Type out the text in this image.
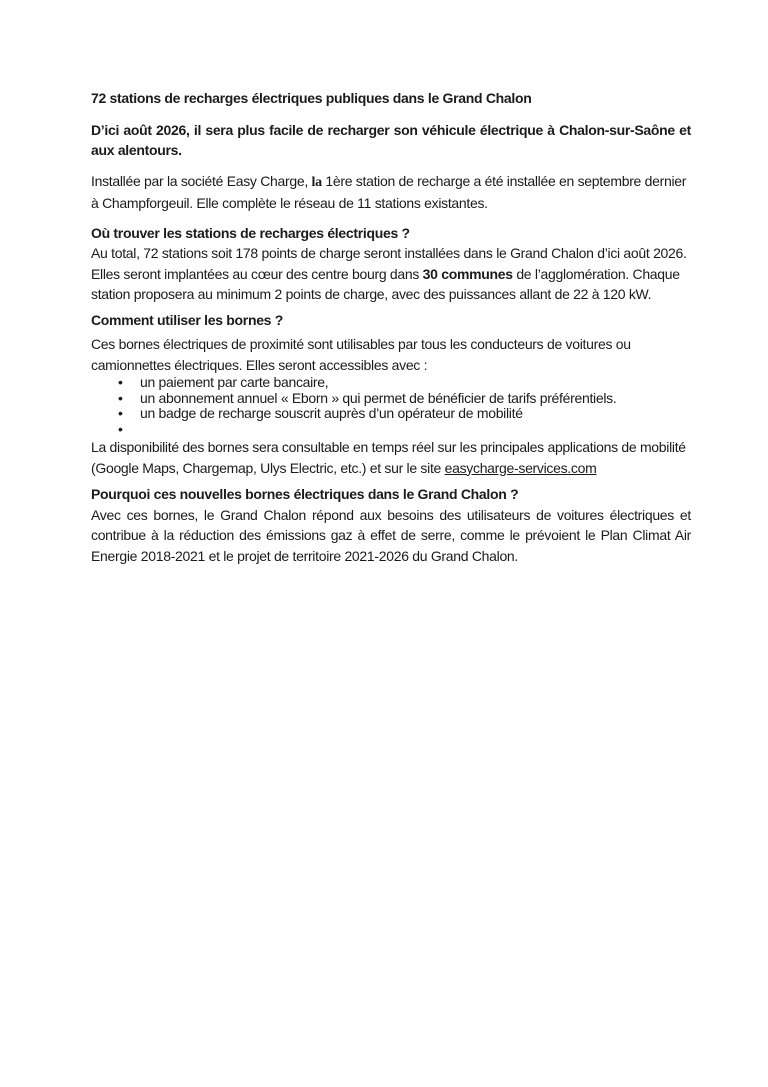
72 stations de recharges électriques publiques dans le Grand Chalon

D’ici août 2026, il sera plus facile de recharger son véhicule électrique à Chalon-sur-Saône et aux alentours.

Installée par la société Easy Charge, la 1ère station de recharge a été installée en septembre dernier à Champforgeuil. Elle complète le réseau de 11 stations existantes.

Où trouver les stations de recharges électriques ?

Au total, 72 stations soit 178 points de charge seront installées dans le Grand Chalon d’ici août 2026. Elles seront implantées au cœur des centre bourg dans 30 communes de l’agglomération. Chaque station proposera au minimum 2 points de charge, avec des puissances allant de 22 à 120 kW.

Comment utiliser les bornes ?

Ces bornes électriques de proximité sont utilisables par tous les conducteurs de voitures ou camionnettes électriques. Elles seront accessibles avec :

• un paiement par carte bancaire,
• un abonnement annuel « Eborn » qui permet de bénéficier de tarifs préférentiels.
• un badge de recharge souscrit auprès d’un opérateur de mobilité
•

La disponibilité des bornes sera consultable en temps réel sur les principales applications de mobilité (Google Maps, Chargemap, Ulys Electric, etc.) et sur le site easycharge-services.com

Pourquoi ces nouvelles bornes électriques dans le Grand Chalon ?

Avec ces bornes, le Grand Chalon répond aux besoins des utilisateurs de voitures électriques et contribue à la réduction des émissions gaz à effet de serre, comme le prévoient le Plan Climat Air Energie 2018-2021 et le projet de territoire 2021-2026 du Grand Chalon.
